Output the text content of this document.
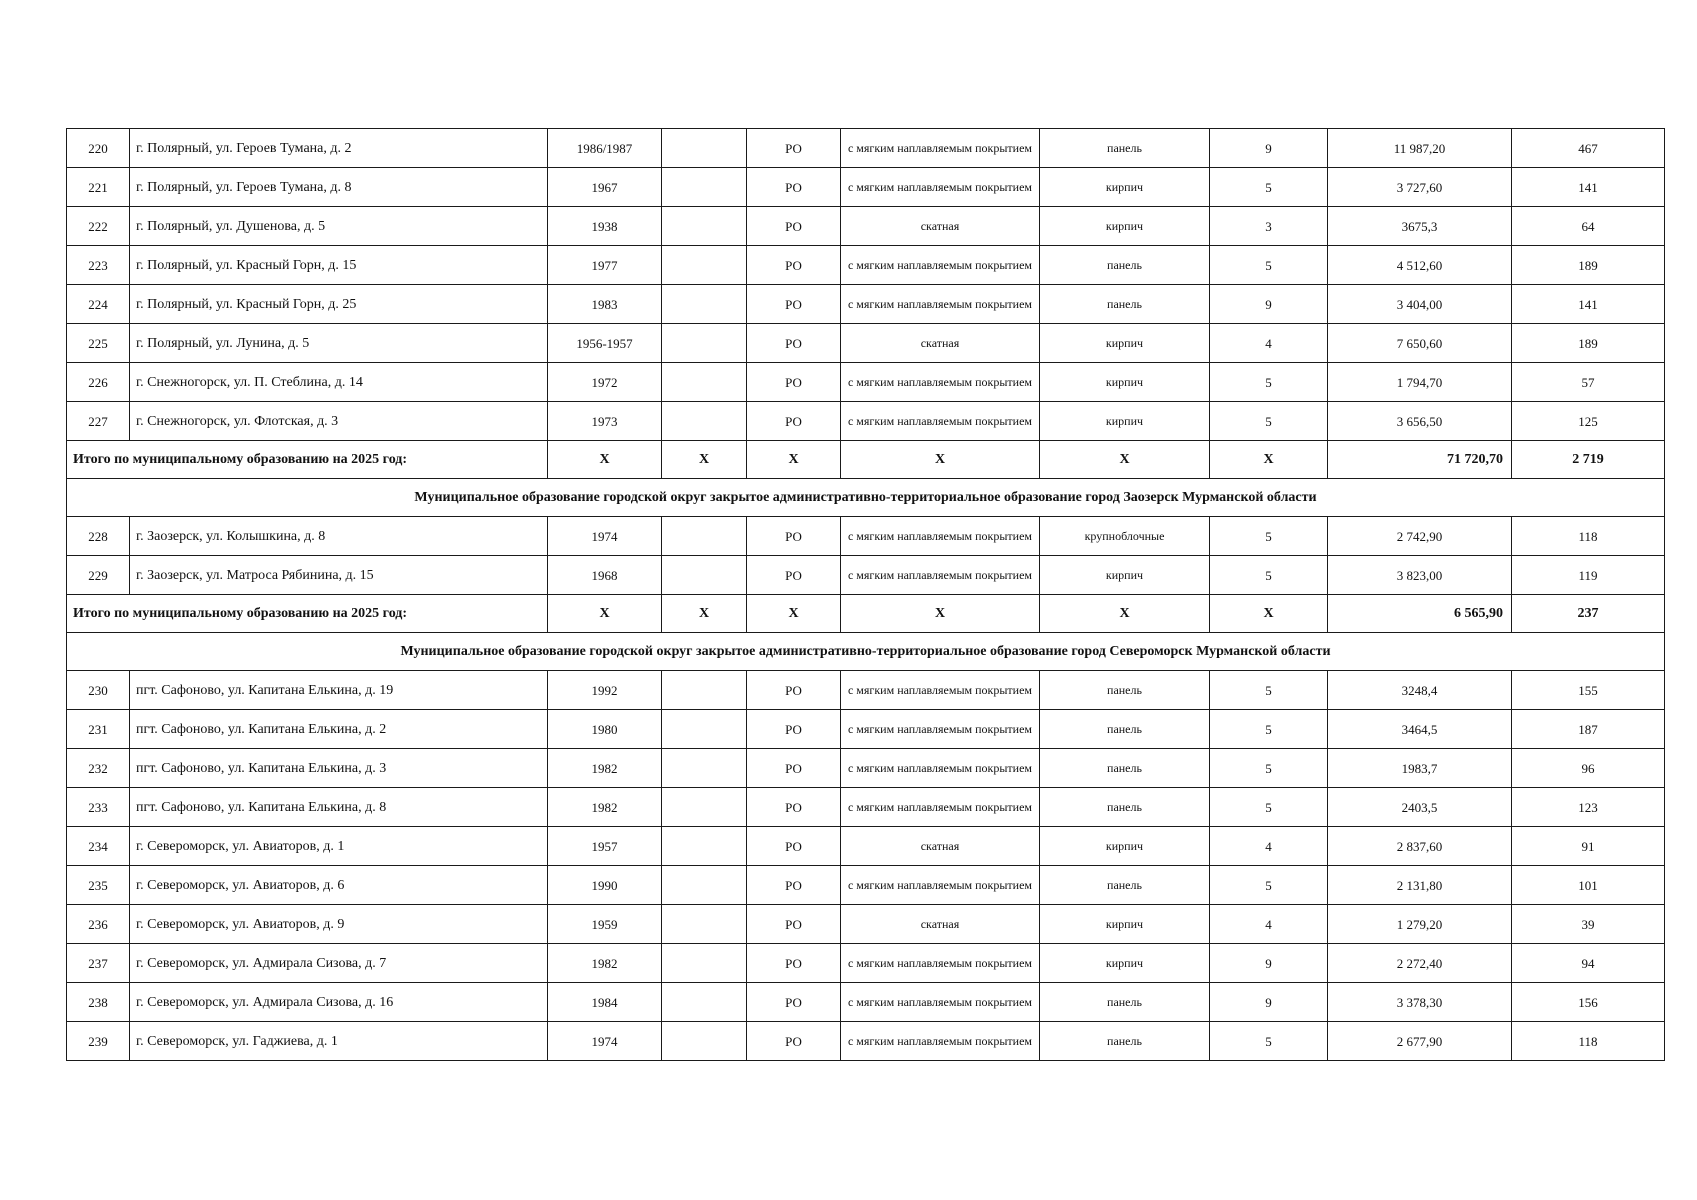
220	г. Полярный, ул. Героев Тумана, д. 2	1986/1987		РО	с мягким наплавляемым покрытием	панель	9	11 987,20	467
221	г. Полярный, ул. Героев Тумана, д. 8	1967		РО	с мягким наплавляемым покрытием	кирпич	5	3 727,60	141
222	г. Полярный, ул. Душенова, д. 5	1938		РО	скатная	кирпич	3	3675,3	64
223	г. Полярный, ул. Красный Горн, д. 15	1977		РО	с мягким наплавляемым покрытием	панель	5	4 512,60	189
224	г. Полярный, ул. Красный Горн, д. 25	1983		РО	с мягким наплавляемым покрытием	панель	9	3 404,00	141
225	г. Полярный, ул. Лунина, д. 5	1956-1957		РО	скатная	кирпич	4	7 650,60	189
226	г. Снежногорск, ул. П. Стеблина, д. 14	1972		РО	с мягким наплавляемым покрытием	кирпич	5	1 794,70	57
227	г. Снежногорск, ул. Флотская, д. 3	1973		РО	с мягким наплавляемым покрытием	кирпич	5	3 656,50	125
Итого по муниципальному образованию на 2025 год:		Х	Х	Х	Х	Х	Х	71 720,70	2 719
Муниципальное образование городской округ закрытое административно-территориальное образование город Заозерск Мурманской области									
228	г. Заозерск, ул. Колышкина, д. 8	1974		РО	с мягким наплавляемым покрытием	крупноблочные	5	2 742,90	118
229	г. Заозерск, ул. Матроса Рябинина, д. 15	1968		РО	с мягким наплавляемым покрытием	кирпич	5	3 823,00	119
Итого по муниципальному образованию на 2025 год:		Х	Х	Х	Х	Х	Х	6 565,90	237
Муниципальное образование городской округ закрытое административно-территориальное образование город Североморск Мурманской области									
230	пгт. Сафоново, ул. Капитана Елькина, д. 19	1992		РО	с мягким наплавляемым покрытием	панель	5	3248,4	155
231	пгт. Сафоново, ул. Капитана Елькина, д. 2	1980		РО	с мягким наплавляемым покрытием	панель	5	3464,5	187
232	пгт. Сафоново, ул. Капитана Елькина, д. 3	1982		РО	с мягким наплавляемым покрытием	панель	5	1983,7	96
233	пгт. Сафоново, ул. Капитана Елькина, д. 8	1982		РО	с мягким наплавляемым покрытием	панель	5	2403,5	123
234	г. Североморск, ул. Авиаторов, д. 1	1957		РО	скатная	кирпич	4	2 837,60	91
235	г. Североморск, ул. Авиаторов, д. 6	1990		РО	с мягким наплавляемым покрытием	панель	5	2 131,80	101
236	г. Североморск, ул. Авиаторов, д. 9	1959		РО	скатная	кирпич	4	1 279,20	39
237	г. Североморск, ул. Адмирала Сизова, д. 7	1982		РО	с мягким наплавляемым покрытием	кирпич	9	2 272,40	94
238	г. Североморск, ул. Адмирала Сизова, д. 16	1984		РО	с мягким наплавляемым покрытием	панель	9	3 378,30	156
239	г. Североморск, ул. Гаджиева, д. 1	1974		РО	с мягким наплавляемым покрытием	панель	5	2 677,90	118
